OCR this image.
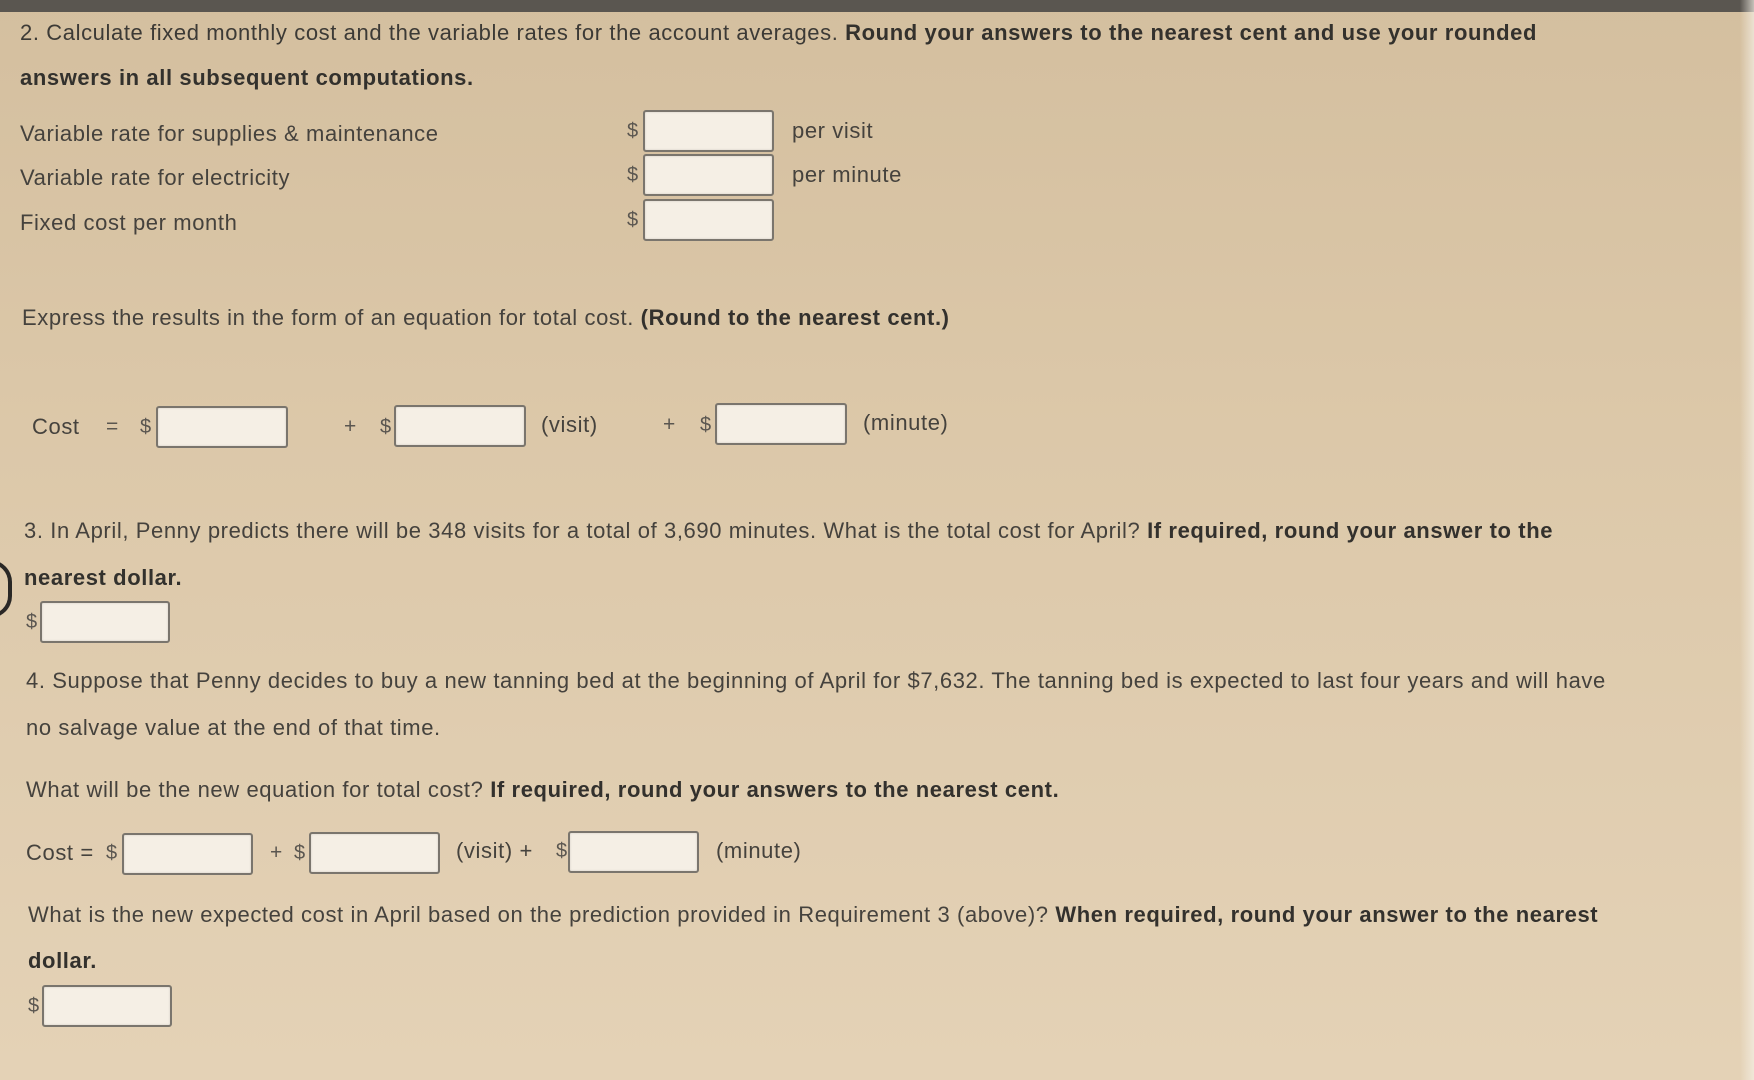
2. Calculate fixed monthly cost and the variable rates for the account averages. Round your answers to the nearest cent and use your rounded
answers in all subsequent computations.
Variable rate for supplies & maintenance	$	per visit
Variable rate for electricity	$	per minute
Fixed cost per month	$
Express the results in the form of an equation for total cost. (Round to the nearest cent.)
Cost = $	+ $	(visit)	+ $	(minute)
3. In April, Penny predicts there will be 348 visits for a total of 3,690 minutes. What is the total cost for April? If required, round your answer to the
nearest dollar.
$
4. Suppose that Penny decides to buy a new tanning bed at the beginning of April for $7,632. The tanning bed is expected to last four years and will have
no salvage value at the end of that time.
What will be the new equation for total cost? If required, round your answers to the nearest cent.
Cost = $	+ $	(visit) + $	(minute)
What is the new expected cost in April based on the prediction provided in Requirement 3 (above)? When required, round your answer to the nearest
dollar.
$
